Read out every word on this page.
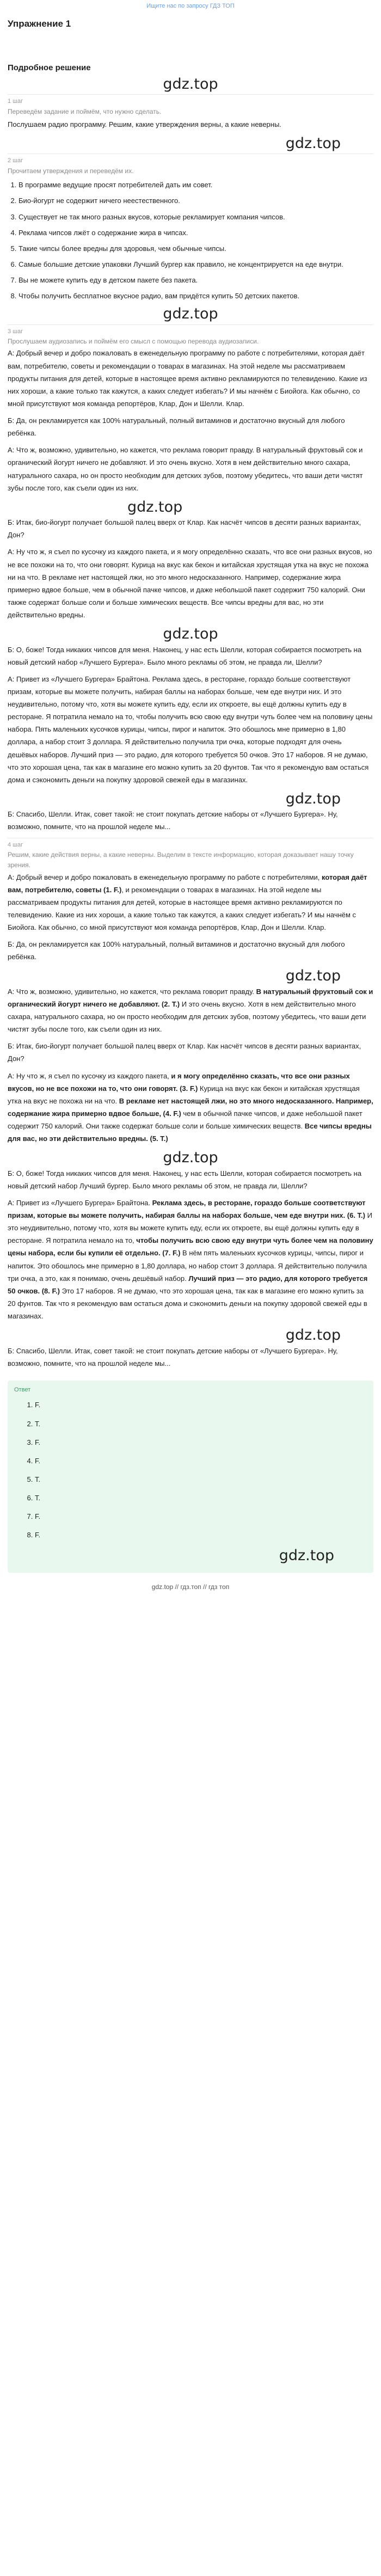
Ищите нас по запросу ГДЗ ТОП
Упражнение 1
Подробное решение
gdz.top
1 шаг
Переведём задание и поймём, что нужно сделать.
Послушаем радио программу. Решим, какие утверждения верны, а какие неверны.
gdz.top
2 шаг
Прочитаем утверждения и переведём их.
1. В программе ведущие просят потребителей дать им совет.
2. Био-йогурт не содержит ничего неестественного.
3. Существует не так много разных вкусов, которые рекламирует компания чипсов.
4. Реклама чипсов лжёт о содержание жира в чипсах.
5. Такие чипсы более вредны для здоровья, чем обычные чипсы.
6. Самые большие детские упаковки Лучший бургер как правило, не концентрируется на еде внутри.
7. Вы не можете купить еду в детском пакете без пакета.
8. Чтобы получить бесплатное вкусное радио, вам придётся купить 50 детских пакетов.
gdz.top
3 шаг
Прослушаем аудиозапись и поймём его смысл с помощью перевода аудиозаписи.

А: Добрый вечер и добро пожаловать в еженедельную программу по работе с потребителями, которая даёт вам, потребителю, советы и рекомендации о товарах в магазинах. На этой неделе мы рассматриваем продукты питания для детей, которые в настоящее время активно рекламируются по телевидению. Какие из них хороши, а какие только так кажутся, а каких следует избегать? И мы начнём с Биойога. Как обычно, со мной присутствуют моя команда репортёров, Клар, Дон и Шелли. Клар.

Б: Да, он рекламируется как 100% натуральный, полный витаминов и достаточно вкусный для любого ребёнка.

А: Что ж, возможно, удивительно, но кажется, что реклама говорит правду. В натуральный фруктовый сок и органический йогурт ничего не добавляют. И это очень вкусно. Хотя в нем действительно много сахара, натурального сахара, но он просто необходим для детских зубов, поэтому убедитесь, что ваши дети чистят зубы после того, как съели один из них.

gdz.top

Б: Итак, био-йогурт получает большой палец вверх от Клар. Как насчёт чипсов в десяти разных вариантах, Дон?

А: Ну что ж, я съел по кусочку из каждого пакета, и я могу определённо сказать, что все они разных вкусов, но не все похожи на то, что они говорят. Курица на вкус как бекон и китайская хрустящая утка на вкус не похожа ни на что. В рекламе нет настоящей лжи, но это много недосказанного. Например, содержание жира примерно вдвое больше, чем в обычной пачке чипсов, и даже небольшой пакет содержит 750 калорий. Они также содержат больше соли и больше химических веществ. Все чипсы вредны для вас, но эти действительно вредны.

gdz.top

Б: О, боже! Тогда никаких чипсов для меня. Наконец, у нас есть Шелли, которая собирается посмотреть на новый детский набор «Лучшего Бургера». Было много рекламы об этом, не правда ли, Шелли?

А: Привет из «Лучшего Бургера» Брайтона. Реклама здесь, в ресторане, гораздо больше соответствуют призам, которые вы можете получить, набирая баллы на наборах больше, чем еде внутри них. И это неудивительно, потому что, хотя вы можете купить еду, если их откроете, вы ещё должны купить еду в ресторане. Я потратила немало на то, чтобы получить всю свою еду внутри чуть более чем на половину цены набора. Пять маленьких кусочков курицы, чипсы, пирог и напиток. Это обошлось мне примерно в 1,80 доллара, а набор стоит 3 доллара. Я действительно получила три очка, которые подходят для очень дешёвых наборов. Лучший приз — это радио, для которого требуется 50 очков. Это 17 наборов. Я не думаю, что это хорошая цена, так как в магазине его можно купить за 20 фунтов. Так что я рекомендую вам остаться дома и сэкономить деньги на покупку здоровой свежей еды в магазинах.

gdz.top

Б: Спасибо, Шелли. Итак, совет такой: не стоит покупать детские наборы от «Лучшего Бургера». Ну, возможно, помните, что на прошлой неделе мы...

4 шаг
Решим, какие действия верны, а какие неверны. Выделим в тексте информацию, которая доказывает нашу точку зрения.

А: Добрый вечер и добро пожаловать в еженедельную программу по работе с потребителями, которая даёт вам, потребителю, советы (1. F.), и рекомендации о товарах в магазинах. На этой неделе мы рассматриваем продукты питания для детей, которые в настоящее время активно рекламируются по телевидению. Какие из них хороши, а какие только так кажутся, а каких следует избегать? И мы начнём с Биойога. Как обычно, со мной присутствуют моя команда репортёров, Клар, Дон и Шелли. Клар.

Б: Да, он рекламируется как 100% натуральный, полный витаминов и достаточно вкусный для любого ребёнка.

gdz.top

А: Что ж, возможно, удивительно, но кажется, что реклама говорит правду. В натуральный фруктовый сок и органический йогурт ничего не добавляют. (2. T.) И это очень вкусно. Хотя в нем действительно много сахара, натурального сахара, но он просто необходим для детских зубов, поэтому убедитесь, что ваши дети чистят зубы после того, как съели один из них.

Б: Итак, био-йогурт получает большой палец вверх от Клар. Как насчёт чипсов в десяти разных вариантах, Дон?

А: Ну что ж, я съел по кусочку из каждого пакета, и я могу определённо сказать, что все они разных вкусов, но не все похожи на то, что они говорят. (3. F.) Курица на вкус как бекон и китайская хрустящая утка на вкус не похожа ни на что. В рекламе нет настоящей лжи, но это много недосказанного. Например, содержание жира примерно вдвое больше, (4. F.) чем в обычной пачке чипсов, и даже небольшой пакет содержит 750 калорий. Они также содержат больше соли и больше химических веществ. Все чипсы вредны для вас, но эти действительно вредны. (5. T.)

gdz.top

Б: О, боже! Тогда никаких чипсов для меня. Наконец, у нас есть Шелли, которая собирается посмотреть на новый детский набор Лучший бургер. Было много рекламы об этом, не правда ли, Шелли?

А: Привет из «Лучшего Бургера» Брайтона. Реклама здесь, в ресторане, гораздо больше соответствуют призам, которые вы можете получить, набирая баллы на наборах больше, чем еде внутри них. (6. T.) И это неудивительно, потому что, хотя вы можете купить еду, если их откроете, вы ещё должны купить еду в ресторане. Я потратила немало на то, чтобы получить всю свою еду внутри чуть более чем на половину цены набора, если бы купили её отдельно. (7. F.) В нём пять маленьких кусочков курицы, чипсы, пирог и напиток. Это обошлось мне примерно в 1,80 доллара, но набор стоит 3 доллара. Я действительно получила три очка, а это, как я понимаю, очень дешёвый набор. Лучший приз — это радио, для которого требуется 50 очков. (8. F.) Это 17 наборов. Я не думаю, что это хорошая цена, так как в магазине его можно купить за 20 фунтов. Так что я рекомендую вам остаться дома и сэкономить деньги на покупку здоровой свежей еды в магазинах.

gdz.top

Б: Спасибо, Шелли. Итак, совет такой: не стоит покупать детские наборы от «Лучшего Бургера». Ну, возможно, помните, что на прошлой неделе мы...

Ответ
1. F.
2. T.
3. F.
4. F.
5. T.
6. T.
7. F.
8. F.
gdz.top
gdz.top // гдз.топ // гдз топ
